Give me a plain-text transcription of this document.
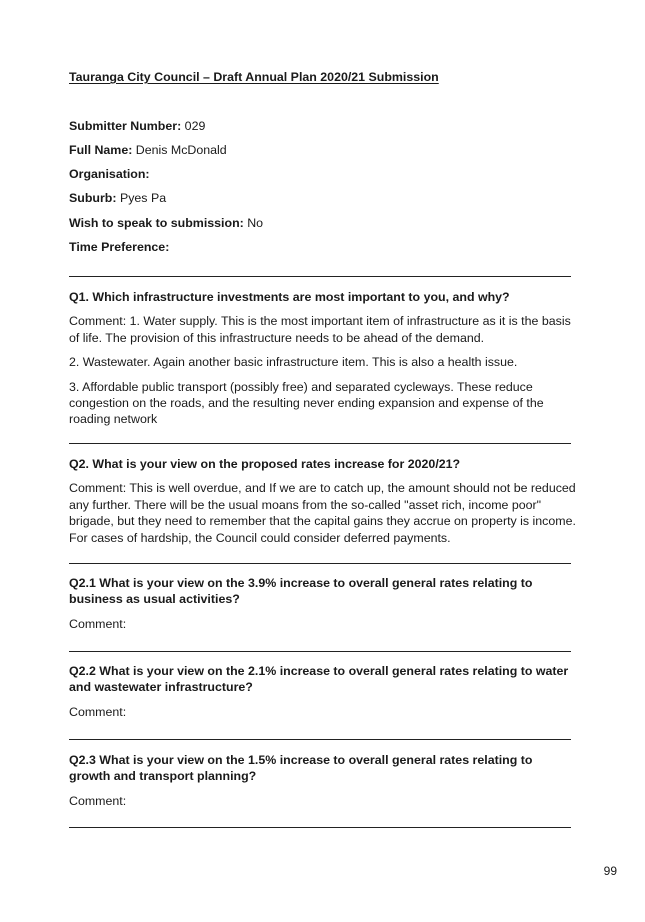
Tauranga City Council – Draft Annual Plan 2020/21 Submission
Submitter Number: 029
Full Name: Denis McDonald
Organisation:
Suburb: Pyes Pa
Wish to speak to submission: No
Time Preference:
Q1. Which infrastructure investments are most important to you, and why?
Comment: 1. Water supply. This is the most important item of infrastructure as it is the basis of life. The provision of this infrastructure needs to be ahead of the demand.
2. Wastewater. Again another basic infrastructure item. This is also a health issue.
3. Affordable public transport (possibly free) and separated cycleways. These reduce congestion on the roads, and the resulting never ending expansion and expense of the roading network
Q2. What is your view on the proposed rates increase for 2020/21?
Comment: This is well overdue, and If we are to catch up, the amount should not be reduced any further. There will be the usual moans from the so-called "asset rich, income poor" brigade, but they need to remember that the capital gains they accrue on property is income. For cases of hardship, the Council could consider deferred payments.
Q2.1 What is your view on the 3.9% increase to overall general rates relating to business as usual activities?
Comment:
Q2.2 What is your view on the 2.1% increase to overall general rates relating to water and wastewater infrastructure?
Comment:
Q2.3 What is your view on the 1.5% increase to overall general rates relating to growth and transport planning?
Comment:
99
